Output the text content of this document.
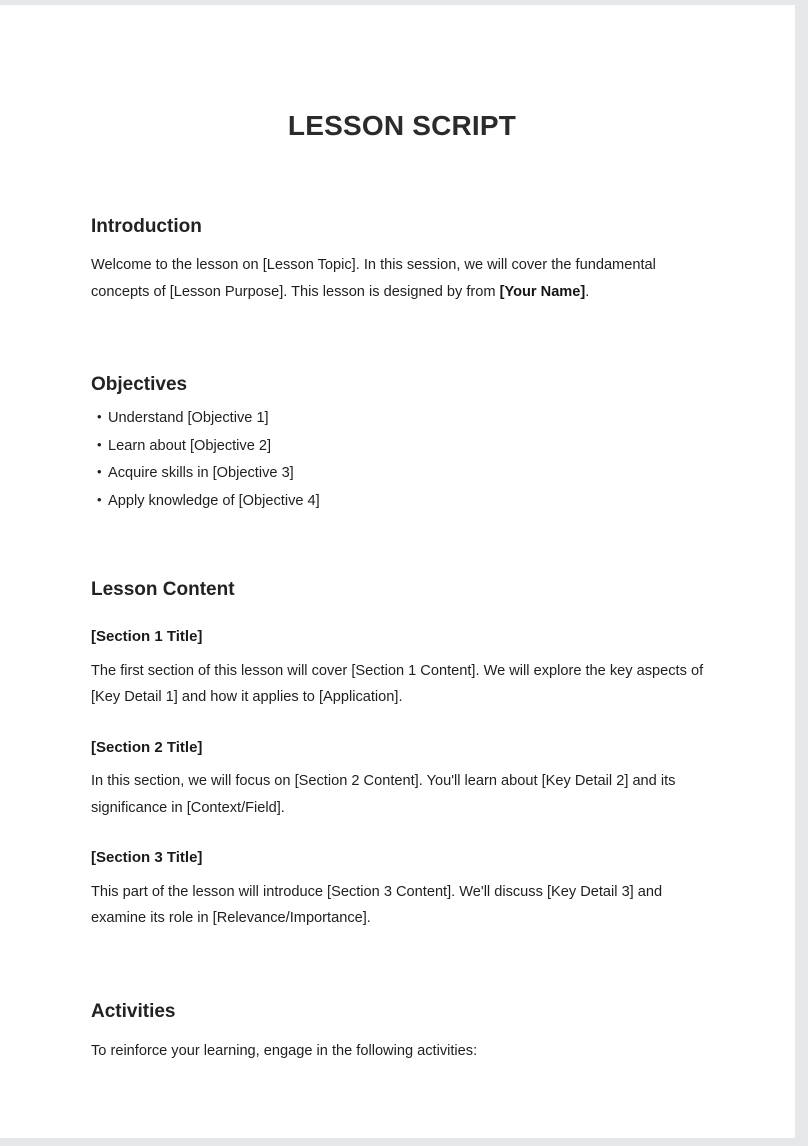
LESSON SCRIPT
Introduction

Welcome to the lesson on [Lesson Topic]. In this session, we will cover the fundamental concepts of [Lesson Purpose]. This lesson is designed by from [Your Name].

Objectives
• Understand [Objective 1]
• Learn about [Objective 2]
• Acquire skills in [Objective 3]
• Apply knowledge of [Objective 4]
Lesson Content
[Section 1 Title]

The first section of this lesson will cover [Section 1 Content]. We will explore the key aspects of [Key Detail 1] and how it applies to [Application].

[Section 2 Title]

In this section, we will focus on [Section 2 Content]. You'll learn about [Key Detail 2] and its significance in [Context/Field].

[Section 3 Title]

This part of the lesson will introduce [Section 3 Content]. We'll discuss [Key Detail 3] and examine its role in [Relevance/Importance].

Activities

To reinforce your learning, engage in the following activities:
